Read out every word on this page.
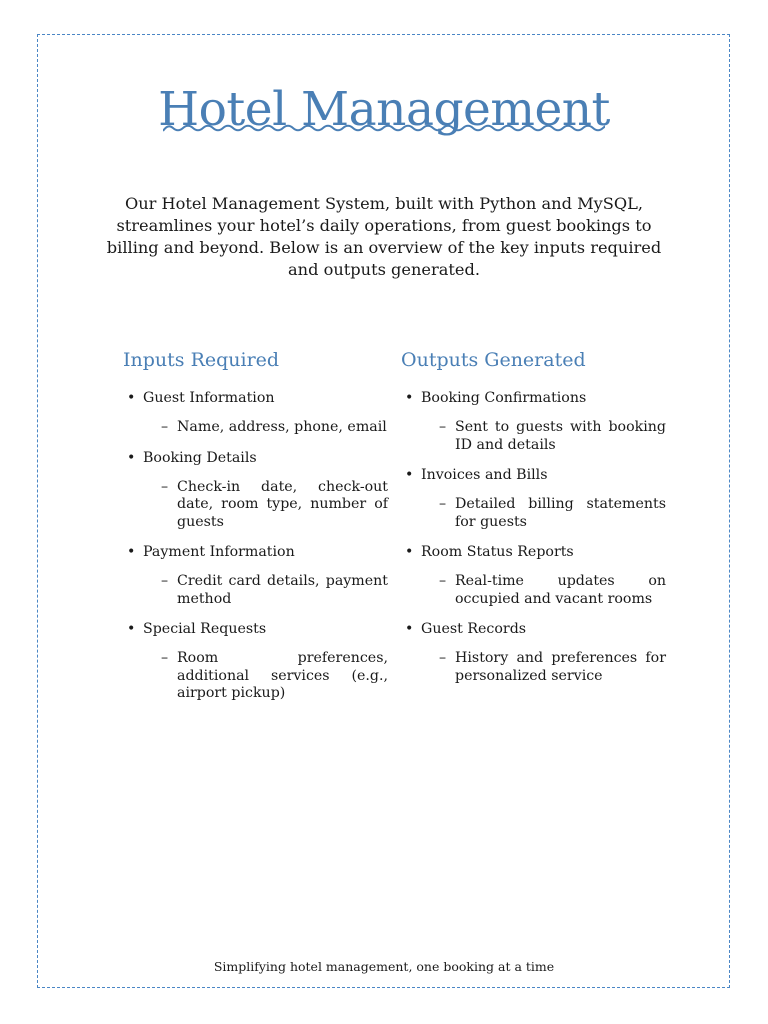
Hotel Management

Our Hotel Management System, built with Python and MySQL, streamlines your hotel’s daily operations, from guest bookings to billing and beyond. Below is an overview of the key inputs required and outputs generated.

Inputs Required
• Guest Information
– Name, address, phone, email
• Booking Details
– Check-in date, check-out date, room type, number of guests
• Payment Information
– Credit card details, payment method
• Special Requests
– Room preferences, additional services (e.g., airport pickup)
Outputs Generated
• Booking Confirmations
– Sent to guests with booking ID and details
• Invoices and Bills
– Detailed billing statements for guests
• Room Status Reports
– Real-time updates on occupied and vacant rooms
• Guest Records
– History and preferences for personalized service
Simplifying hotel management, one booking at a time
